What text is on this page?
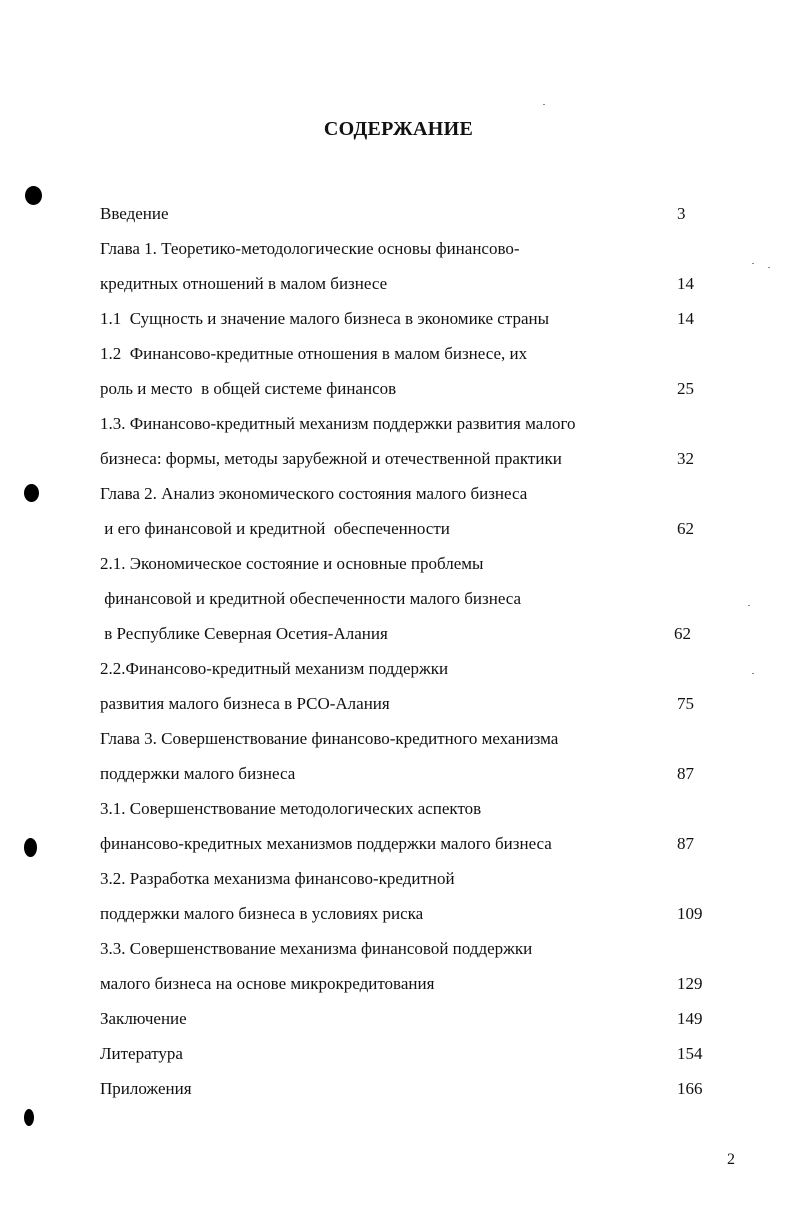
СОДЕРЖАНИЕ
Введение	3
Глава 1. Теоретико-методологические основы финансово-
кредитных отношений в малом бизнесе	14
1.1  Сущность и значение малого бизнеса в экономике страны	14
1.2  Финансово-кредитные отношения в малом бизнесе, их
роль и место  в общей системе финансов	25
1.3. Финансово-кредитный механизм поддержки развития малого
бизнеса: формы, методы зарубежной и отечественной практики	32
Глава 2. Анализ экономического состояния малого бизнеса
и его финансовой и кредитной  обеспеченности	62
2.1. Экономическое состояние и основные проблемы
финансовой и кредитной обеспеченности малого бизнеса
в Республике Северная Осетия-Алания	62
2.2.Финансово-кредитный механизм поддержки
развития малого бизнеса в РСО-Алания	75
Глава 3. Совершенствование финансово-кредитного механизма
поддержки малого бизнеса	87
3.1. Совершенствование методологических аспектов
финансово-кредитных механизмов поддержки малого бизнеса	87
3.2. Разработка механизма финансово-кредитной
поддержки малого бизнеса в условиях риска	109
3.3. Совершенствование механизма финансовой поддержки
малого бизнеса на основе микрокредитования	129
Заключение	149
Литература	154
Приложения	166
2
